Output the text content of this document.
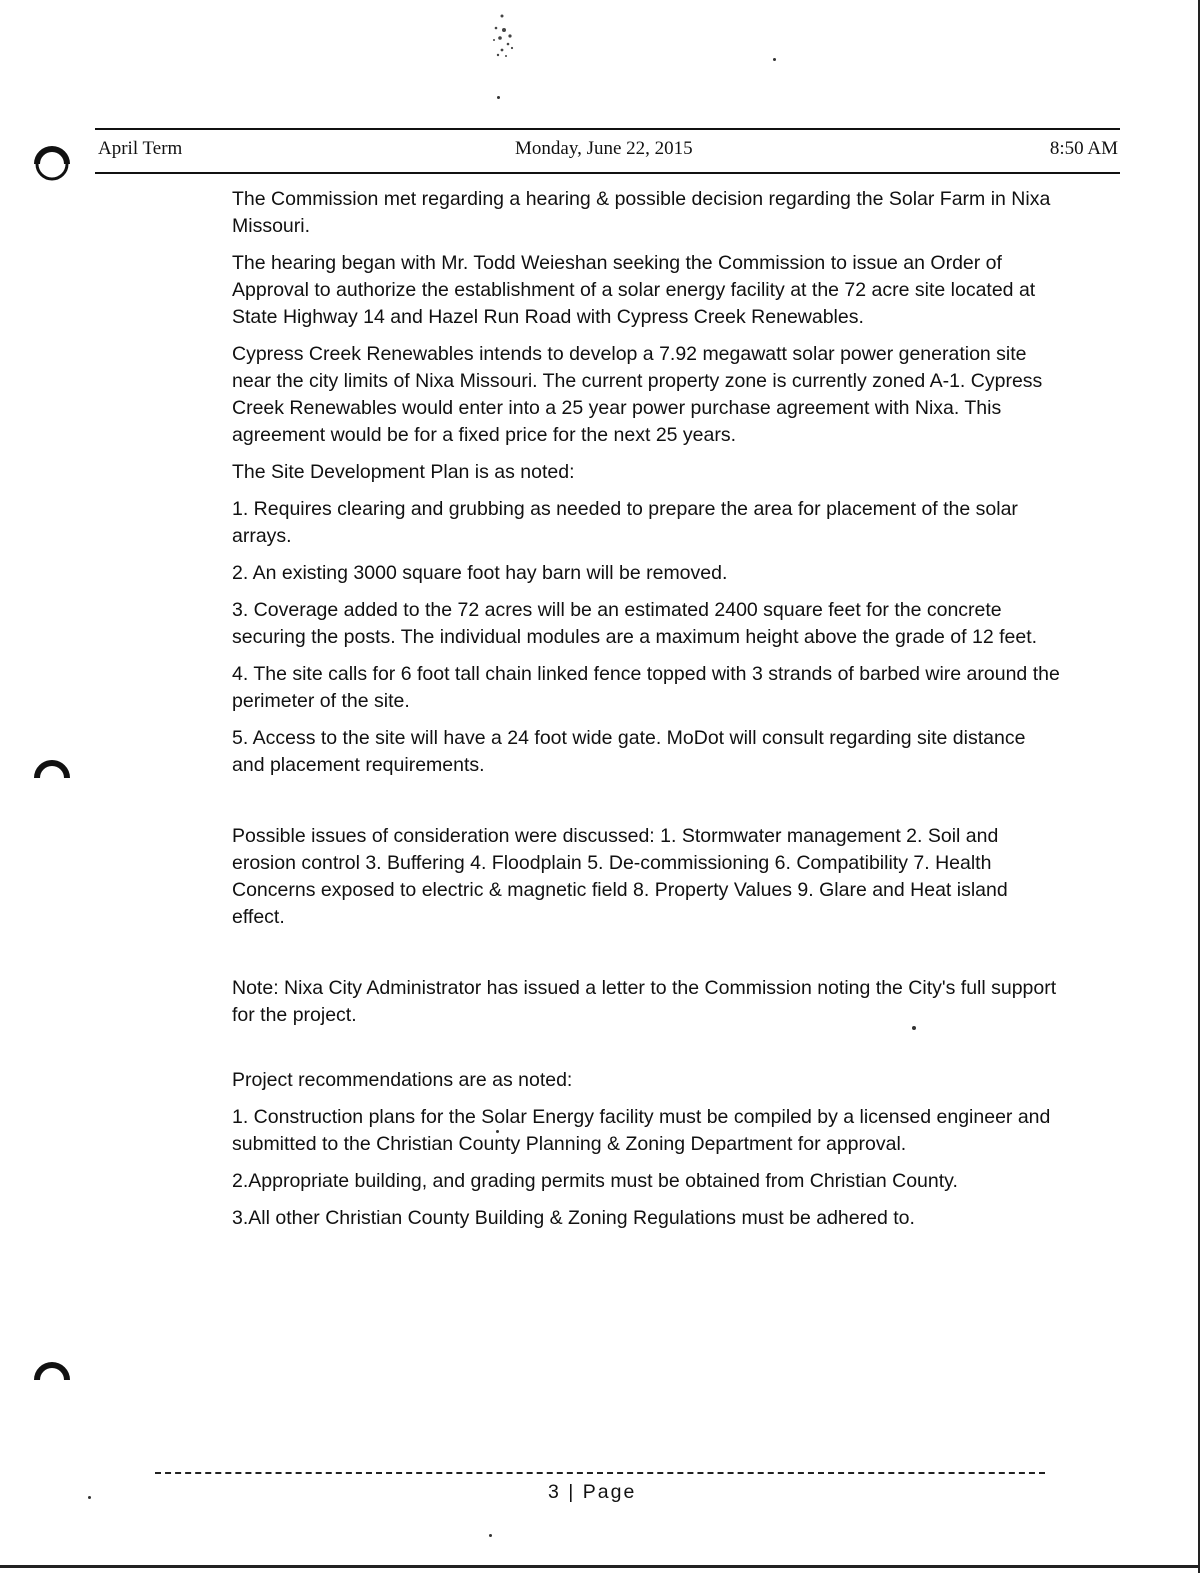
April Term	Monday, June 22, 2015	8:50 AM

The Commission met regarding a hearing & possible decision regarding the Solar Farm in Nixa Missouri.

The hearing began with Mr. Todd Weieshan seeking the Commission to issue an Order of Approval to authorize the establishment of a solar energy facility at the 72 acre site located at State Highway 14 and Hazel Run Road with Cypress Creek Renewables.

Cypress Creek Renewables intends to develop a 7.92 megawatt solar power generation site near the city limits of Nixa Missouri. The current property zone is currently zoned A-1. Cypress Creek Renewables would enter into a 25 year power purchase agreement with Nixa. This agreement would be for a fixed price for the next 25 years.

The Site Development Plan is as noted:

1. Requires clearing and grubbing as needed to prepare the area for placement of the solar arrays.

2. An existing 3000 square foot hay barn will be removed.

3. Coverage added to the 72 acres will be an estimated 2400 square feet for the concrete securing the posts. The individual modules are a maximum height above the grade of 12 feet.

4. The site calls for 6 foot tall chain linked fence topped with 3 strands of barbed wire around the perimeter of the site.

5. Access to the site will have a 24 foot wide gate. MoDot will consult regarding site distance and placement requirements.

Possible issues of consideration were discussed: 1. Stormwater management 2. Soil and erosion control 3. Buffering 4. Floodplain 5. De-commissioning 6. Compatibility 7. Health Concerns exposed to electric & magnetic field 8. Property Values 9. Glare and Heat island effect.

Note: Nixa City Administrator has issued a letter to the Commission noting the City's full support for the project.

Project recommendations are as noted:

1. Construction plans for the Solar Energy facility must be compiled by a licensed engineer and submitted to the Christian County Planning & Zoning Department for approval.

2.Appropriate building, and grading permits must be obtained from Christian County.

3.All other Christian County Building & Zoning Regulations must be adhered to.

3 | Page
